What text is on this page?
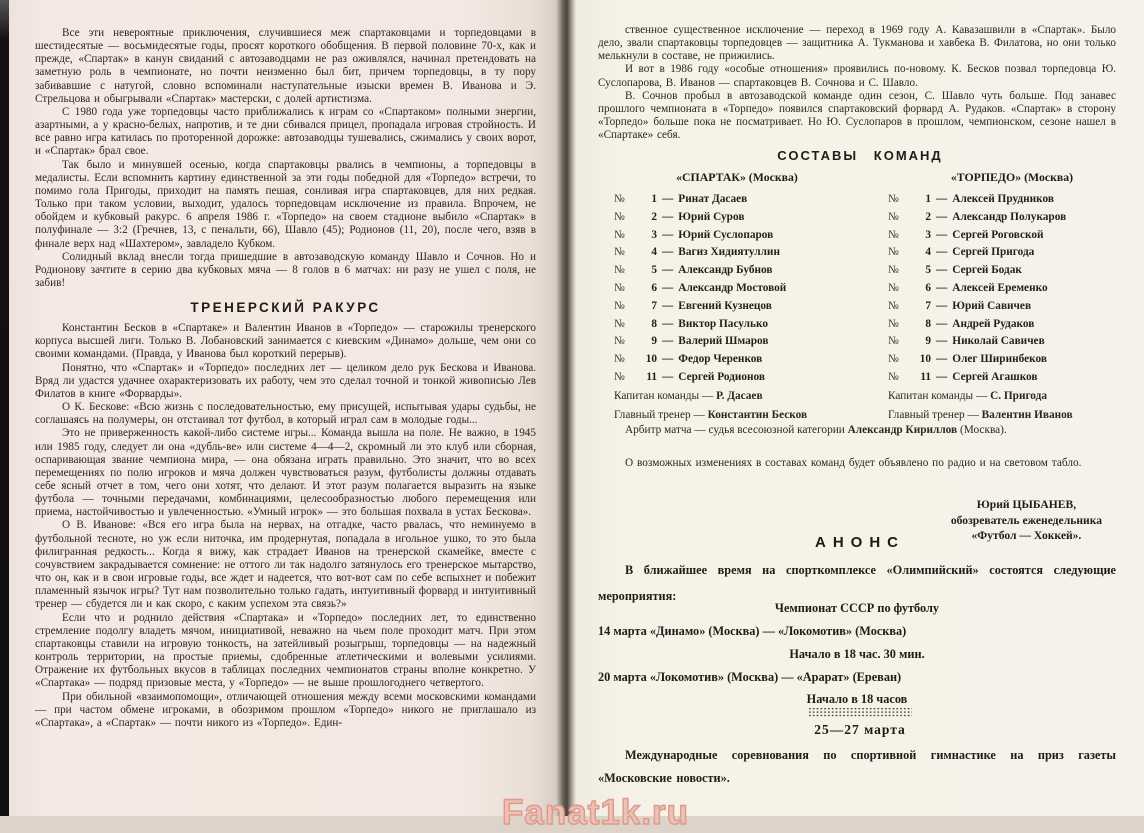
Все эти невероятные приключения, случившиеся меж спартаковцами и торпедовцами в шестидесятые — восьмидесятые годы, просят короткого обобщения. В первой половине 70-х, как и прежде, «Спартак» в канун свиданий с автозаводцами не раз оживлялся, начинал претендовать на заметную роль в чемпионате, но почти неизменно был бит, причем торпедовцы, в ту пору забивавшие с натугой, словно вспоминали наступательные изыски времен В. Иванова и Э. Стрельцова и обыгрывали «Спартак» мастерски, с долей артистизма.

С 1980 года уже торпедовцы часто приближались к играм со «Спартаком» полными энергии, азартными, а у красно-белых, напротив, и те дни сбивался прицел, пропадала игровая стройность. И все равно игра катилась по проторенной дорожке: автозаводцы тушевались, сжимались у своих ворот, и «Спартак» брал свое.

Так было и минувшей осенью, когда спартаковцы рвались в чемпионы, а торпедовцы в медалисты. Если вспомнить картину единственной за эти годы победной для «Торпедо» встречи, то помимо гола Пригоды, приходит на память пешая, сонливая игра спартаковцев, для них редкая. Только при таком условии, выходит, удалось торпедовцам исключение из правила. Впрочем, не обойдем и кубковый ракурс. 6 апреля 1986 г. «Торпедо» на своем стадионе выбило «Спартак» в полуфинале — 3:2 (Гречнев, 13, с пенальти, 66), Шавло (45); Родионов (11, 20), после чего, взяв в финале верх над «Шахтером», завладело Кубком.

Солидный вклад внесли тогда пришедшие в автозаводскую команду Шавло и Сочнов. Но и Родионову зачтите в серию два кубковых мяча — 8 голов в 6 матчах: ни разу не ушел с поля, не забив!

ТРЕНЕРСКИЙ РАКУРС

Константин Бесков в «Спартаке» и Валентин Иванов в «Торпедо» — старожилы тренерского корпуса высшей лиги. Только В. Лобановский занимается с киевским «Динамо» дольше, чем они со своими командами. (Правда, у Иванова был короткий перерыв).

Понятно, что «Спартак» и «Торпедо» последних лет — целиком дело рук Бескова и Иванова. Вряд ли удастся удачнее охарактеризовать их работу, чем это сделал точной и тонкой живописью Лев Филатов в книге «Форварды».

О К. Бескове: «Всю жизнь с последовательностью, ему присущей, испытывая удары судьбы, не соглашаясь на полумеры, он отстаивал тот футбол, в который играл сам в молодые годы...

Это не приверженность какой-либо системе игры... Команда вышла на поле. Не важно, в 1945 или 1985 году, следует ли она «дубль-ве» или системе 4—4—2, скромный ли это клуб или сборная, оспаривающая звание чемпиона мира, — она обязана играть правильно. Это значит, что во всех перемещениях по полю игроков и мяча должен чувствоваться разум, футболисты должны отдавать себе ясный отчет в том, чего они хотят, что делают. И этот разум полагается выразить на языке футбола — точными передачами, комбинациями, целесообразностью любого перемещения или приема, настойчивостью и увлеченностью. «Умный игрок» — это большая похвала в устах Бескова».

О В. Иванове: «Вся его игра была на нервах, на отгадке, часто рвалась, что неминуемо в футбольной тесноте, но уж если ниточка, им продернутая, попадала в игольное ушко, то это была филигранная редкость... Когда я вижу, как страдает Иванов на тренерской скамейке, вместе с сочувствием закрадывается сомнение: не оттого ли так надолго затянулось его тренерское мытарство, что он, как и в свои игровые годы, все ждет и надеется, что вот-вот сам по себе вспыхнет и побежит пламенный язычок игры? Тут нам позволительно только гадать, интуитивный форвард и интуитивный тренер — сбудется ли и как скоро, с каким успехом эта связь?»

Если что и роднило действия «Спартака» и «Торпедо» последних лет, то единственно стремление подолгу владеть мячом, инициативой, неважно на чьем поле проходит матч. При этом спартаковцы ставили на игровую тонкость, на затейливый розыгрыш, торпедовцы — на надежный контроль территории, на простые приемы, сдобренные атлетическими и волевыми усилиями. Отражение их футбольных вкусов в таблицах последних чемпионатов страны вполне конкретно. У «Спартака» — подряд призовые места, у «Торпедо» — не выше прошлогоднего четвертого.

При обильной «взаимопомощи», отличающей отношения между всеми московскими командами — при частом обмене игроками, в обозримом прошлом «Торпедо» никого не приглашало из «Спартака», а «Спартак» — почти никого из «Торпедо». Един-

ственное существенное исключение — переход в 1969 году А. Кавазашвили в «Спартак». Было дело, звали спартаковцы торпедовцев — защитника А. Тукманова и хавбека В. Филатова, но они только мелькнули в составе, не прижились.

И вот в 1986 году «особые отношения» проявились по-новому. К. Бесков позвал торпедовца Ю. Суслопарова, В. Иванов — спартаковцев В. Сочнова и С. Шавло.

В. Сочнов пробыл в автозаводской команде один сезон, С. Шавло чуть больше. Под занавес прошлого чемпионата в «Торпедо» появился спартаковский форвард А. Рудаков. «Спартак» в сторону «Торпедо» больше пока не посматривает. Но Ю. Суслопаров в прошлом, чемпионском, сезоне нашел в «Спартаке» себя.

СОСТАВЫ КОМАНД
«СПАРТАК» (Москва)
№ 1 — Ринат Дасаев
№ 2 — Юрий Суров
№ 3 — Юрий Суслопаров
№ 4 — Вагиз Хидиятуллин
№ 5 — Александр Бубнов
№ 6 — Александр Мостовой
№ 7 — Евгений Кузнецов
№ 8 — Виктор Пасулько
№ 9 — Валерий Шмаров
№ 10 — Федор Черенков
№ 11 — Сергей Родионов
Капитан команды — Р. Дасаев
Главный тренер — Константин Бесков
«ТОРПЕДО» (Москва)
№ 1 — Алексей Прудников
№ 2 — Александр Полукаров
№ 3 — Сергей Роговской
№ 4 — Сергей Пригода
№ 5 — Сергей Бодак
№ 6 — Алексей Еременко
№ 7 — Юрий Савичев
№ 8 — Андрей Рудаков
№ 9 — Николай Савичев
№ 10 — Олег Ширинбеков
№ 11 — Сергей Агашков
Капитан команды — С. Пригода
Главный тренер — Валентин Иванов
Арбитр матча — судья всесоюзной категории Александр Кириллов (Москва).
О возможных изменениях в составах команд будет объявлено по радио и на световом табло.
Юрий ЦЫБАНЕВ,
обозреватель еженедельника
«Футбол — Хоккей».
АНОНС
В ближайшее время на спорткомплексе «Олимпийский» состоятся следующие мероприятия:
Чемпионат СССР по футболу
14 марта «Динамо» (Москва) — «Локомотив» (Москва)
Начало в 18 час. 30 мин.
20 марта «Локомотив» (Москва) — «Арарат» (Ереван)
Начало в 18 часов
25—27 марта
Международные соревнования по спортивной гимнастике на приз газеты «Московские новости».
Fanat1k.ru
